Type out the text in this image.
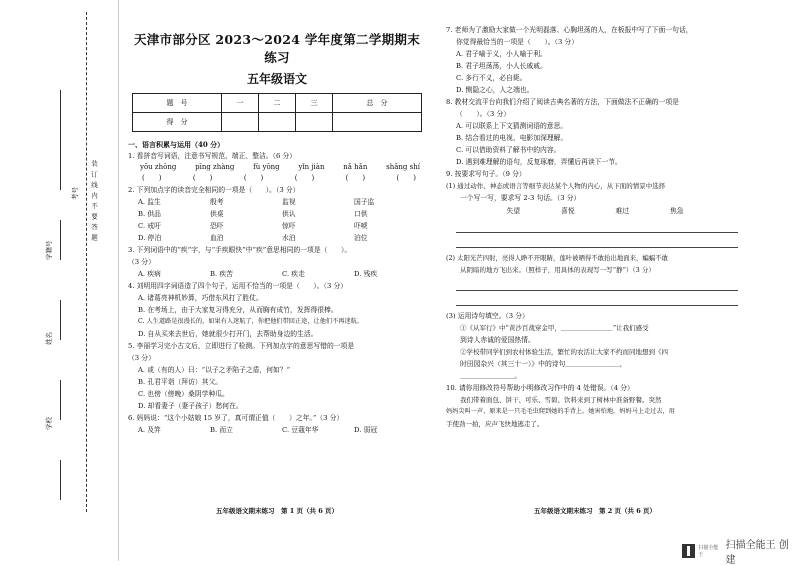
考号
学籍号
姓名
学校
装 订 线 内 不 要 答 题
天津市部分区 2023～2024 学年度第二学期期末练习
五年级语文
题　号	一	二	三	总　分
得　分				
一、语言积累与运用（40 分）
1. 看拼音写词语，注意书写规范、端正、整洁。（6 分）
yōu zhōng	pīng zhàng	fù yōng	yǐn jiàn	nǎ hǎn	shǎng shí
(　　)	(　　)	(　　)	(　　)	(　　)	(　　)
2. 下列加点字的读音完全相同的一项是（　　）。（3 分）
A. 监生	殷考	监视	国子监
B. 供品	供桌	供认	口供
C. 戒吁	恐吓	惊吓	吓唬
D. 停泊	血泊	水泊	泊位
3. 下列词语中的“疾”字，与“手疾眼快”中“疾”意思相同的一项是（　　）。
（3 分）
A. 疾病	B. 疾苦	C. 疾走	D. 残疾
4. 刘明用四字词语造了四个句子，运用不恰当的一项是（　　）。（3 分）
A. 诸葛亮神机妙算，巧借东风打了胜仗。
B. 在考场上，由于大家复习得充分，从而胸有成竹，发挥得很棒。
C. 人生道路是很漫长的，如果有人迷航了，你把他们带回正途，让他们不再迷航。
D. 自从买来去世后，她就很少打开门，去帮助身边的生活。
5. 李丽学习完小古文后，立即进行了检测。下列加点字的意思写错的一项是
（3 分）
A. 或（有的人）曰：“以子之矛陷子之盾，何如？”
B. 孔君平诣（拜访）其父。
C. 也傍（傍晚）桑阴学种瓜。
D. 却看妻子（妻子孩子）愁何在。
6. 妈妈说：“这个小姑娘 15 岁了，真可谓正值（　　）之年。”（3 分）
A. 及笄	B. 而立	C. 豆蔻年华	D. 弱冠
五年级语文期末练习　第 1 页（共 6 页）
7. 老师为了激励大家做一个光明磊落、心胸坦荡的人，在板报中写了下面一句话，
你觉得最恰当的一项是（　　）。（3 分）
A. 君子喻于义，小人喻于利。
B. 君子坦荡荡，小人长戚戚。
C. 多行不义，必自毙。
D. 恻隐之心，人之端也。
8. 教材交流平台向我们介绍了阅读古典名著的方法，下面做法不正确的一项是
（　　）。（3 分）
A. 可以联系上下文猜测词语的意思。
B. 结合看过的电视、电影加深理解。
C. 可以借助资料了解书中的内容。
D. 遇到难理解的语句，反复琢磨，弄懂后再读下一节。
9. 按要求写句子。（9 分）
(1) 通过动作、神态或语言等细节表达某个人物的内心，从下面的情景中选择
一个写一写，要求写 2-3 句话。（3 分）
失望	喜悦	难过	焦急
(2) 太阳光芒四射，亮得人睁不开眼睛，莲叶被晒得不敢抬出地面来，蝙蝠不敢
从阴暗的地方飞出来。（照样子，用具体的表现写一写“静”）（3 分）
(3) 运用诗句填空。（3 分）
①《从军行》中“黄沙百战穿金甲，＿＿＿＿＿＿＿＿”让我们感受
到诗人赤诚的爱国热情。
②学校带同学们到农村体验生活，繁忙的农活让大家不约而同地想到《四
时田园杂兴（其三十一）》中的诗句＿＿＿＿＿＿＿＿，
＿＿＿＿＿＿＿＿。
10. 请你用修改符号帮助小明修改习作中的 4 处错误。（4 分）
我们带着面包、饼干、可乐、雪碧、饮料来到了树林中准备野餐。突然
妈妈尖叫一声，原来是一只毛毛虫爬到她的手背上。她害怕地，妈妈马上走过去，用
手使劲一拍，应声飞快地逃走了。
五年级语文期末练习　第 2 页（共 6 页）
扫描全能王
扫描全能王 创建
